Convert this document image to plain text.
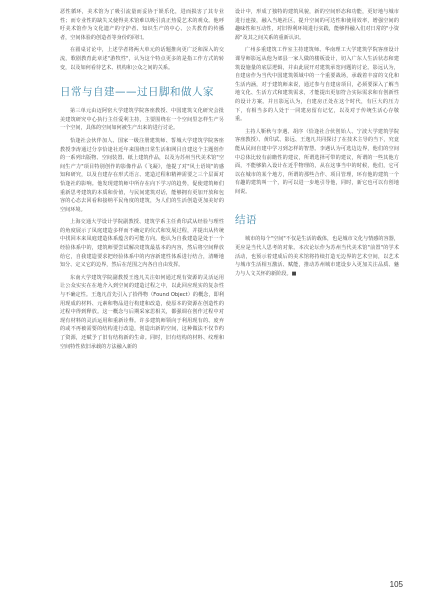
恶性循环，美术馆为了吸引流量而妥协于娱乐化，进而损害了其专业性；而专业性的缺失又使得美术馆难以吸引真正热爱艺术的观众。他呼吁美术馆作为文化遗产的守护者、知识生产的中心、公共教育的传播者，空间体验的创造者等身份的回归。

在圆桌讨论中，上述学者将两大单元的话题推向更广泛和深入的交流，歌剧教育此章述"游牧性"，认为这个特点更多的是指工作方式的转变，以及如何看待艺术、机构和公众之间的关系。

日常与自建——过日脚和做人家

第三单元由迈阿密大学建筑学院客座教授、中国建筑文化研究会批美建筑研究中心执行主任爱利主持，主要围绕在一个空间里怎样生产另一个空间，具体的空间如何被生产出来的进行讨论。

恰逢社会伙伴加人、国家一级注册建筑师、誓城大学建筑学院客座教授李涛通过分享恰逢社近年来围绕日常生活和网目自建这个主题创作的一系列出版物、空间装置、纸上建筑作品，以及为苏州当代美术馆"空间生产力"项目特别创作的影像作品《飞凝》，他提了对"风土语境"的感知和研究，以及自建存在形式语言、建造过程和精神需要之三个层面对恰逢社的影响。他发现建筑师中所存在向下学习的趋势，促使建筑师们重新思考建筑的本质和价值，与民间建筑对话，能够拥有更加开放和包容的心态去回看和接纳平民角度的建筑，为人们的生活创造更加美好的空间环境。

上海交通大学设计学院副教授、建筑学系主任黄印武从经验与理性的角度展示了凤庭建造多样而不确定的仪式和发展过程，并提出从传统中找回本来凤庭建造体系蕴含的可能方向。他认为自我建造是处于一个经验体系中的，建筑师要尝试解决建筑最基本的内容，然后将空间释放给它，自我建造要求把经验体系中的内容新建性体系进行结合，清晰地知分、定义它的边界，然后在范围之内各自自由发挥。

东南大学建筑学院副教授王逸凡关注如何通过现有资源的灵活运用让公众实实在在地介入到空间的建造过程之中，以此回应现实的复杂性与不确定性。王逸凡首先引入了拾得物（Found Object）的概念，即利用现成的材料、元素和物品进行构建和改造，使原本的资源在创造性的过程中得到释放。这一概念与后期采家思相关，都强调在创作过程中对现有材料的灵活运用和重新诠释。许多建筑师领向于利用现有的、废弃的或不再被需要的结构进行改造，创造出新的空间，这种做法不仅节约了资源，还赋予了旧有结构新的生命。同时，旧有结构的材料、纹理和空间特性依旧承载的方法融入新的

设计中，形成了独特的建筑风貌，新的空间形态和功能，更好地与城市进行连接，融入当地社区，提升空间的可达性和使用效率，增强空间的趣味性和互动性，对旧得利环境进行实践，能够得融入们对日常的"小资源"及其之间关系的重新认识。

广州多重建筑工作室主持建筑师、华南理工大学建筑学院客座设计课导师影远从他为郊县一家人做的楼板设计，切入广东人生活状态和建筑设施量的底层逻辑，并由此展开对建筑承宽问题的讨论。影远认为，自建房作为当代中国建筑领域中的一个重要战场，承载着丰富的文化和生活内涵，对于建筑师来说，通过参与自建房项目，必须要深入了解当地文化、生活方式和建筑需求，才能提出更加符合实际需求和有创新性的设计方案。并且影远认为，自建房正处在这个时代，有巨大的压力下，有相当多的人处于一同建房留有记忆，以及对于传统生活心存敬重。

主持人靳秋与李遇、胡序（恰逢社合伙创始人、宁波大学建筑学院客座教授）、黄印武、影远、王逸凡共同探讨了在技术主导的当下，究竟能从民间自建中学习到怎样的智慧。李遇认为可选边边界，他们的空间中总体比较有前瞻性的建议，所谓选择可带的建议，所谓的一些其他方面，不能够陷入设计在近乎物理的，从在这事当中的时候，他们，它可以在城市的某个地方，所谓的那些合作、项目管理，环有他的建筑一个有趣的建筑叫一个，的可以进一步地引导他，同时，新它也可以有创地间说。

结语

城市的每个"空间"不仅是生活的载体，也是城市文化与情感的容器，更应是当代人思考的对象。本次论坛作为苏州当代美术馆"前置"的学术活动，也预示着建成后的美术馆将持续打造无边界的艺术空间，以艺术与城市生活相互激活、赋能，推动苏州城市建设步入更加关注品质、魅力与人文关怀的新阶段。■

105
